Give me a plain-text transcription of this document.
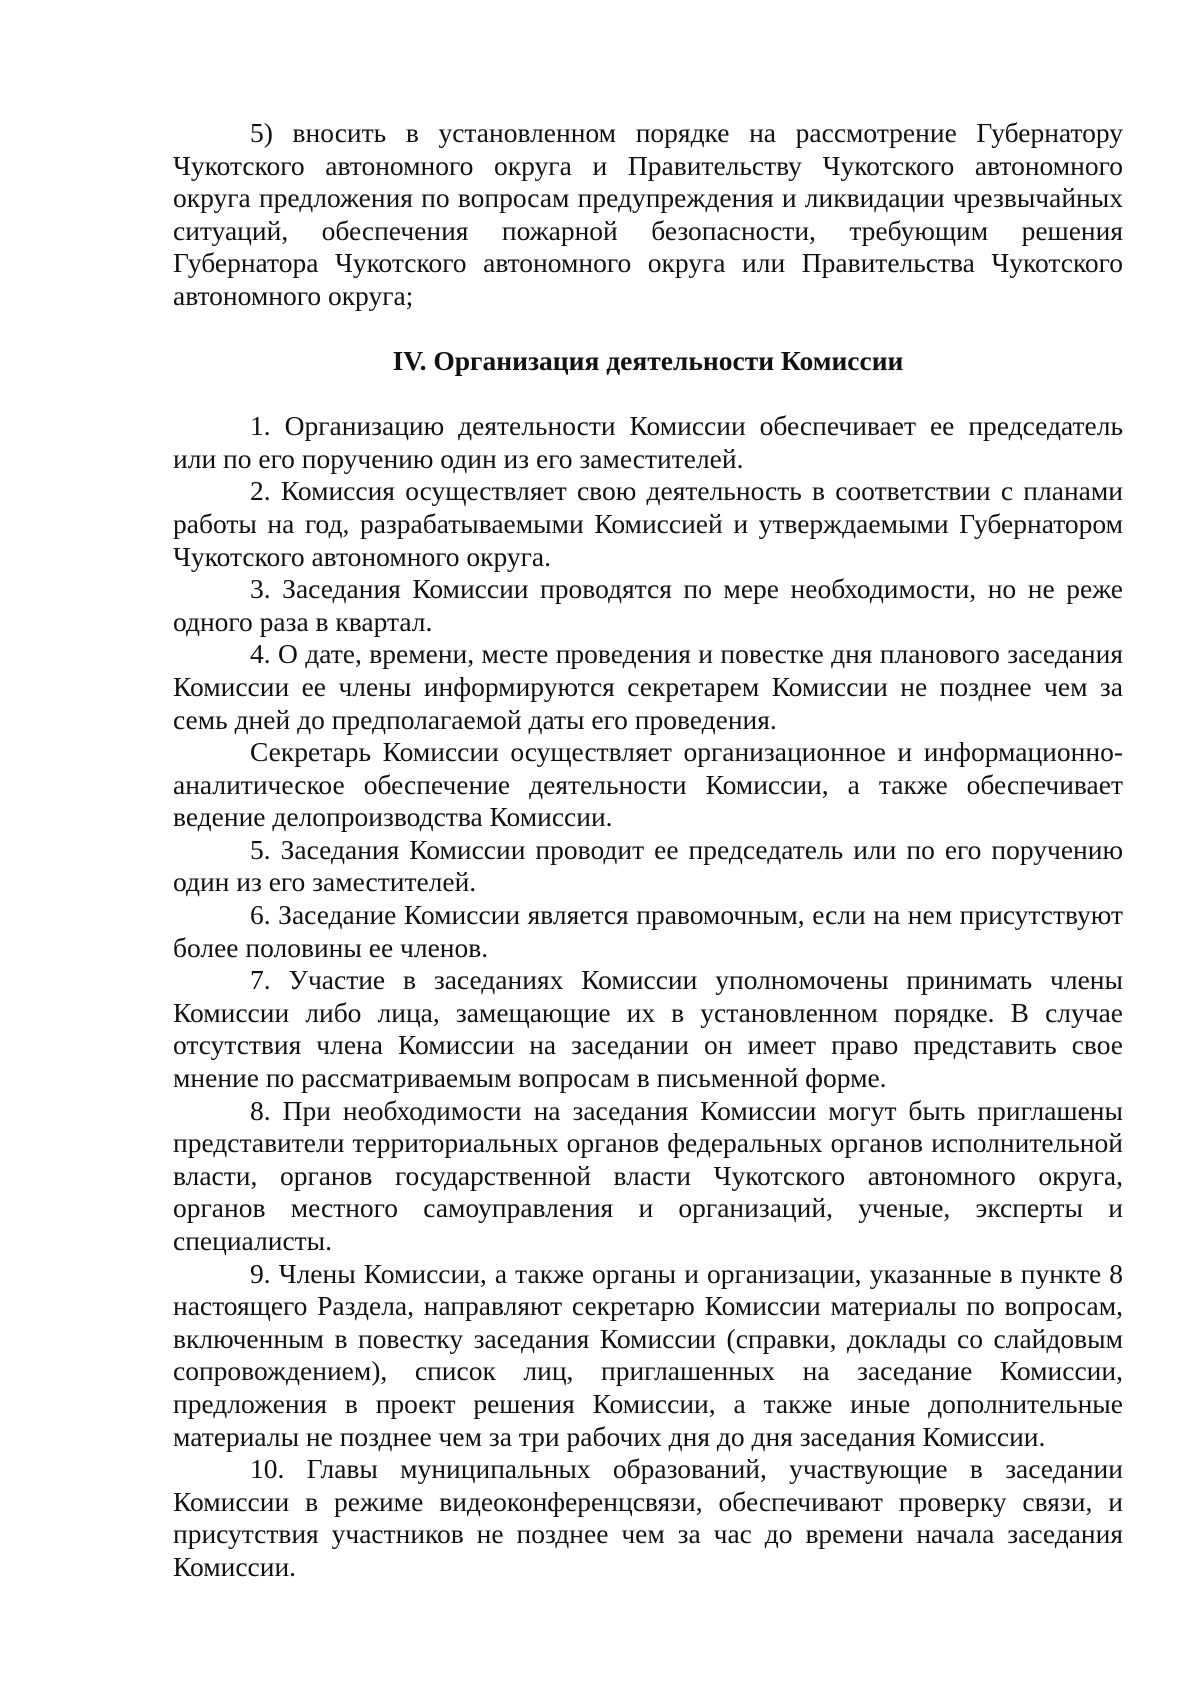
5) вносить в установленном порядке на рассмотрение Губернатору Чукотского автономного округа и Правительству Чукотского автономного округа предложения по вопросам предупреждения и ликвидации чрезвычайных ситуаций, обеспечения пожарной безопасности, требующим решения Губернатора Чукотского автономного округа или Правительства Чукотского автономного округа;

IV. Организация деятельности Комиссии

1. Организацию деятельности Комиссии обеспечивает ее председатель или по его поручению один из его заместителей.

2. Комиссия осуществляет свою деятельность в соответствии с планами работы на год, разрабатываемыми Комиссией и утверждаемыми Губернатором Чукотского автономного округа.

3. Заседания Комиссии проводятся по мере необходимости, но не реже одного раза в квартал.

4. О дате, времени, месте проведения и повестке дня планового заседания Комиссии ее члены информируются секретарем Комиссии не позднее чем за семь дней до предполагаемой даты его проведения.

Секретарь Комиссии осуществляет организационное и информационно-аналитическое обеспечение деятельности Комиссии, а также обеспечивает ведение делопроизводства Комиссии.

5. Заседания Комиссии проводит ее председатель или по его поручению один из его заместителей.

6. Заседание Комиссии является правомочным, если на нем присутствуют более половины ее членов.

7. Участие в заседаниях Комиссии уполномочены принимать члены Комиссии либо лица, замещающие их в установленном порядке. В случае отсутствия члена Комиссии на заседании он имеет право представить свое мнение по рассматриваемым вопросам в письменной форме.

8. При необходимости на заседания Комиссии могут быть приглашены представители территориальных органов федеральных органов исполнительной власти, органов государственной власти Чукотского автономного округа, органов местного самоуправления и организаций, ученые, эксперты и специалисты.

9. Члены Комиссии, а также органы и организации, указанные в пункте 8 настоящего Раздела, направляют секретарю Комиссии материалы по вопросам, включенным в повестку заседания Комиссии (справки, доклады со слайдовым сопровождением), список лиц, приглашенных на заседание Комиссии, предложения в проект решения Комиссии, а также иные дополнительные материалы не позднее чем за три рабочих дня до дня заседания Комиссии.

10. Главы муниципальных образований, участвующие в заседании Комиссии в режиме видеоконференцсвязи, обеспечивают проверку связи, и присутствия участников не позднее чем за час до времени начала заседания Комиссии.
